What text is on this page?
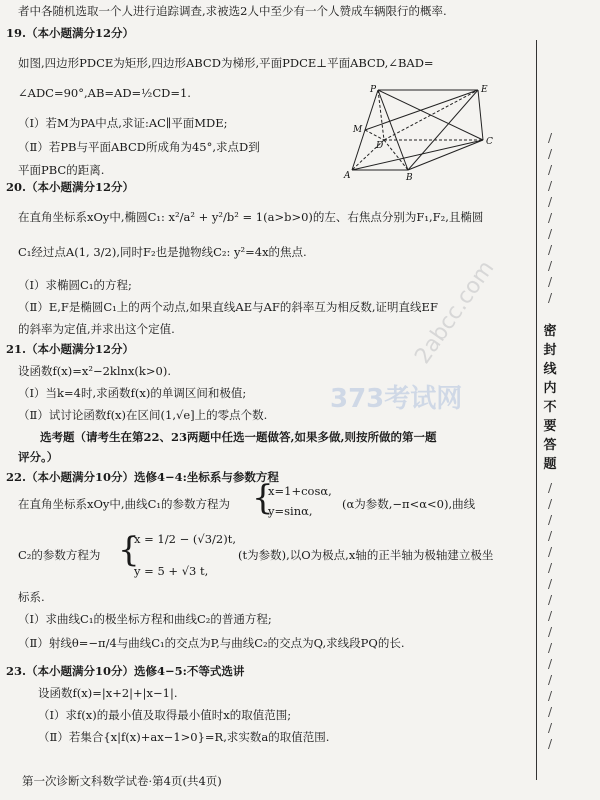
373考试网
2abcc.com
者中各随机选取一个人进行追踪调查,求被选2人中至少有一个人赞成车辆限行的概率.
19.（本小题满分12分）
如图,四边形PDCE为矩形,四边形ABCD为梯形,平面PDCE⊥平面ABCD,∠BAD=
∠ADC=90°,AB=AD=½CD=1.
（Ⅰ）若M为PA中点,求证:AC∥平面MDE;
（Ⅱ）若PB与平面ABCD所成角为45°,求点D到
平面PBC的距离.
P	E
M
D	C
A	B
20.（本小题满分12分）
在直角坐标系xOy中,椭圆C₁: x²/a² + y²/b² = 1(a>b>0)的左、右焦点分别为F₁,F₂,且椭圆
C₁经过点A(1, 3/2),同时F₂也是抛物线C₂: y²=4x的焦点.
（Ⅰ）求椭圆C₁的方程;
（Ⅱ）E,F是椭圆C₁上的两个动点,如果直线AE与AF的斜率互为相反数,证明直线EF
的斜率为定值,并求出这个定值.
21.（本小题满分12分）
设函数f(x)=x²−2klnx(k>0).
（Ⅰ）当k=4时,求函数f(x)的单调区间和极值;
（Ⅱ）试讨论函数f(x)在区间(1,√e]上的零点个数.
选考题（请考生在第22、23两题中任选一题做答,如果多做,则按所做的第一题
评分。）
22.（本小题满分10分）选修4−4:坐标系与参数方程
在直角坐标系xOy中,曲线C₁的参数方程为 {
x=1+cosα,
y=sinα,	(α为参数,−π<α<0),曲线
C₂的参数方程为 {
x = 1/2 − (√3/2)t,
y = 5 + √3 t,
(t为参数),以O为极点,x轴的正半轴为极轴建立极坐
标系.
（Ⅰ）求曲线C₁的极坐标方程和曲线C₂的普通方程;
（Ⅱ）射线θ=−π/4与曲线C₁的交点为P,与曲线C₂的交点为Q,求线段PQ的长.
23.（本小题满分10分）选修4−5:不等式选讲
设函数f(x)=|x+2|+|x−1|.
（Ⅰ）求f(x)的最小值及取得最小值时x的取值范围;
（Ⅱ）若集合{x|f(x)+ax−1>0}=R,求实数a的取值范围.
第一次诊断文科数学试卷·第4页(共4页)
/
/
/
/
/
/
/
/
/
/
/
密
封
线
内
不
要
答
题
/
/
/
/
/
/
/
/
/
/
/
/
/
/
/
/
/
